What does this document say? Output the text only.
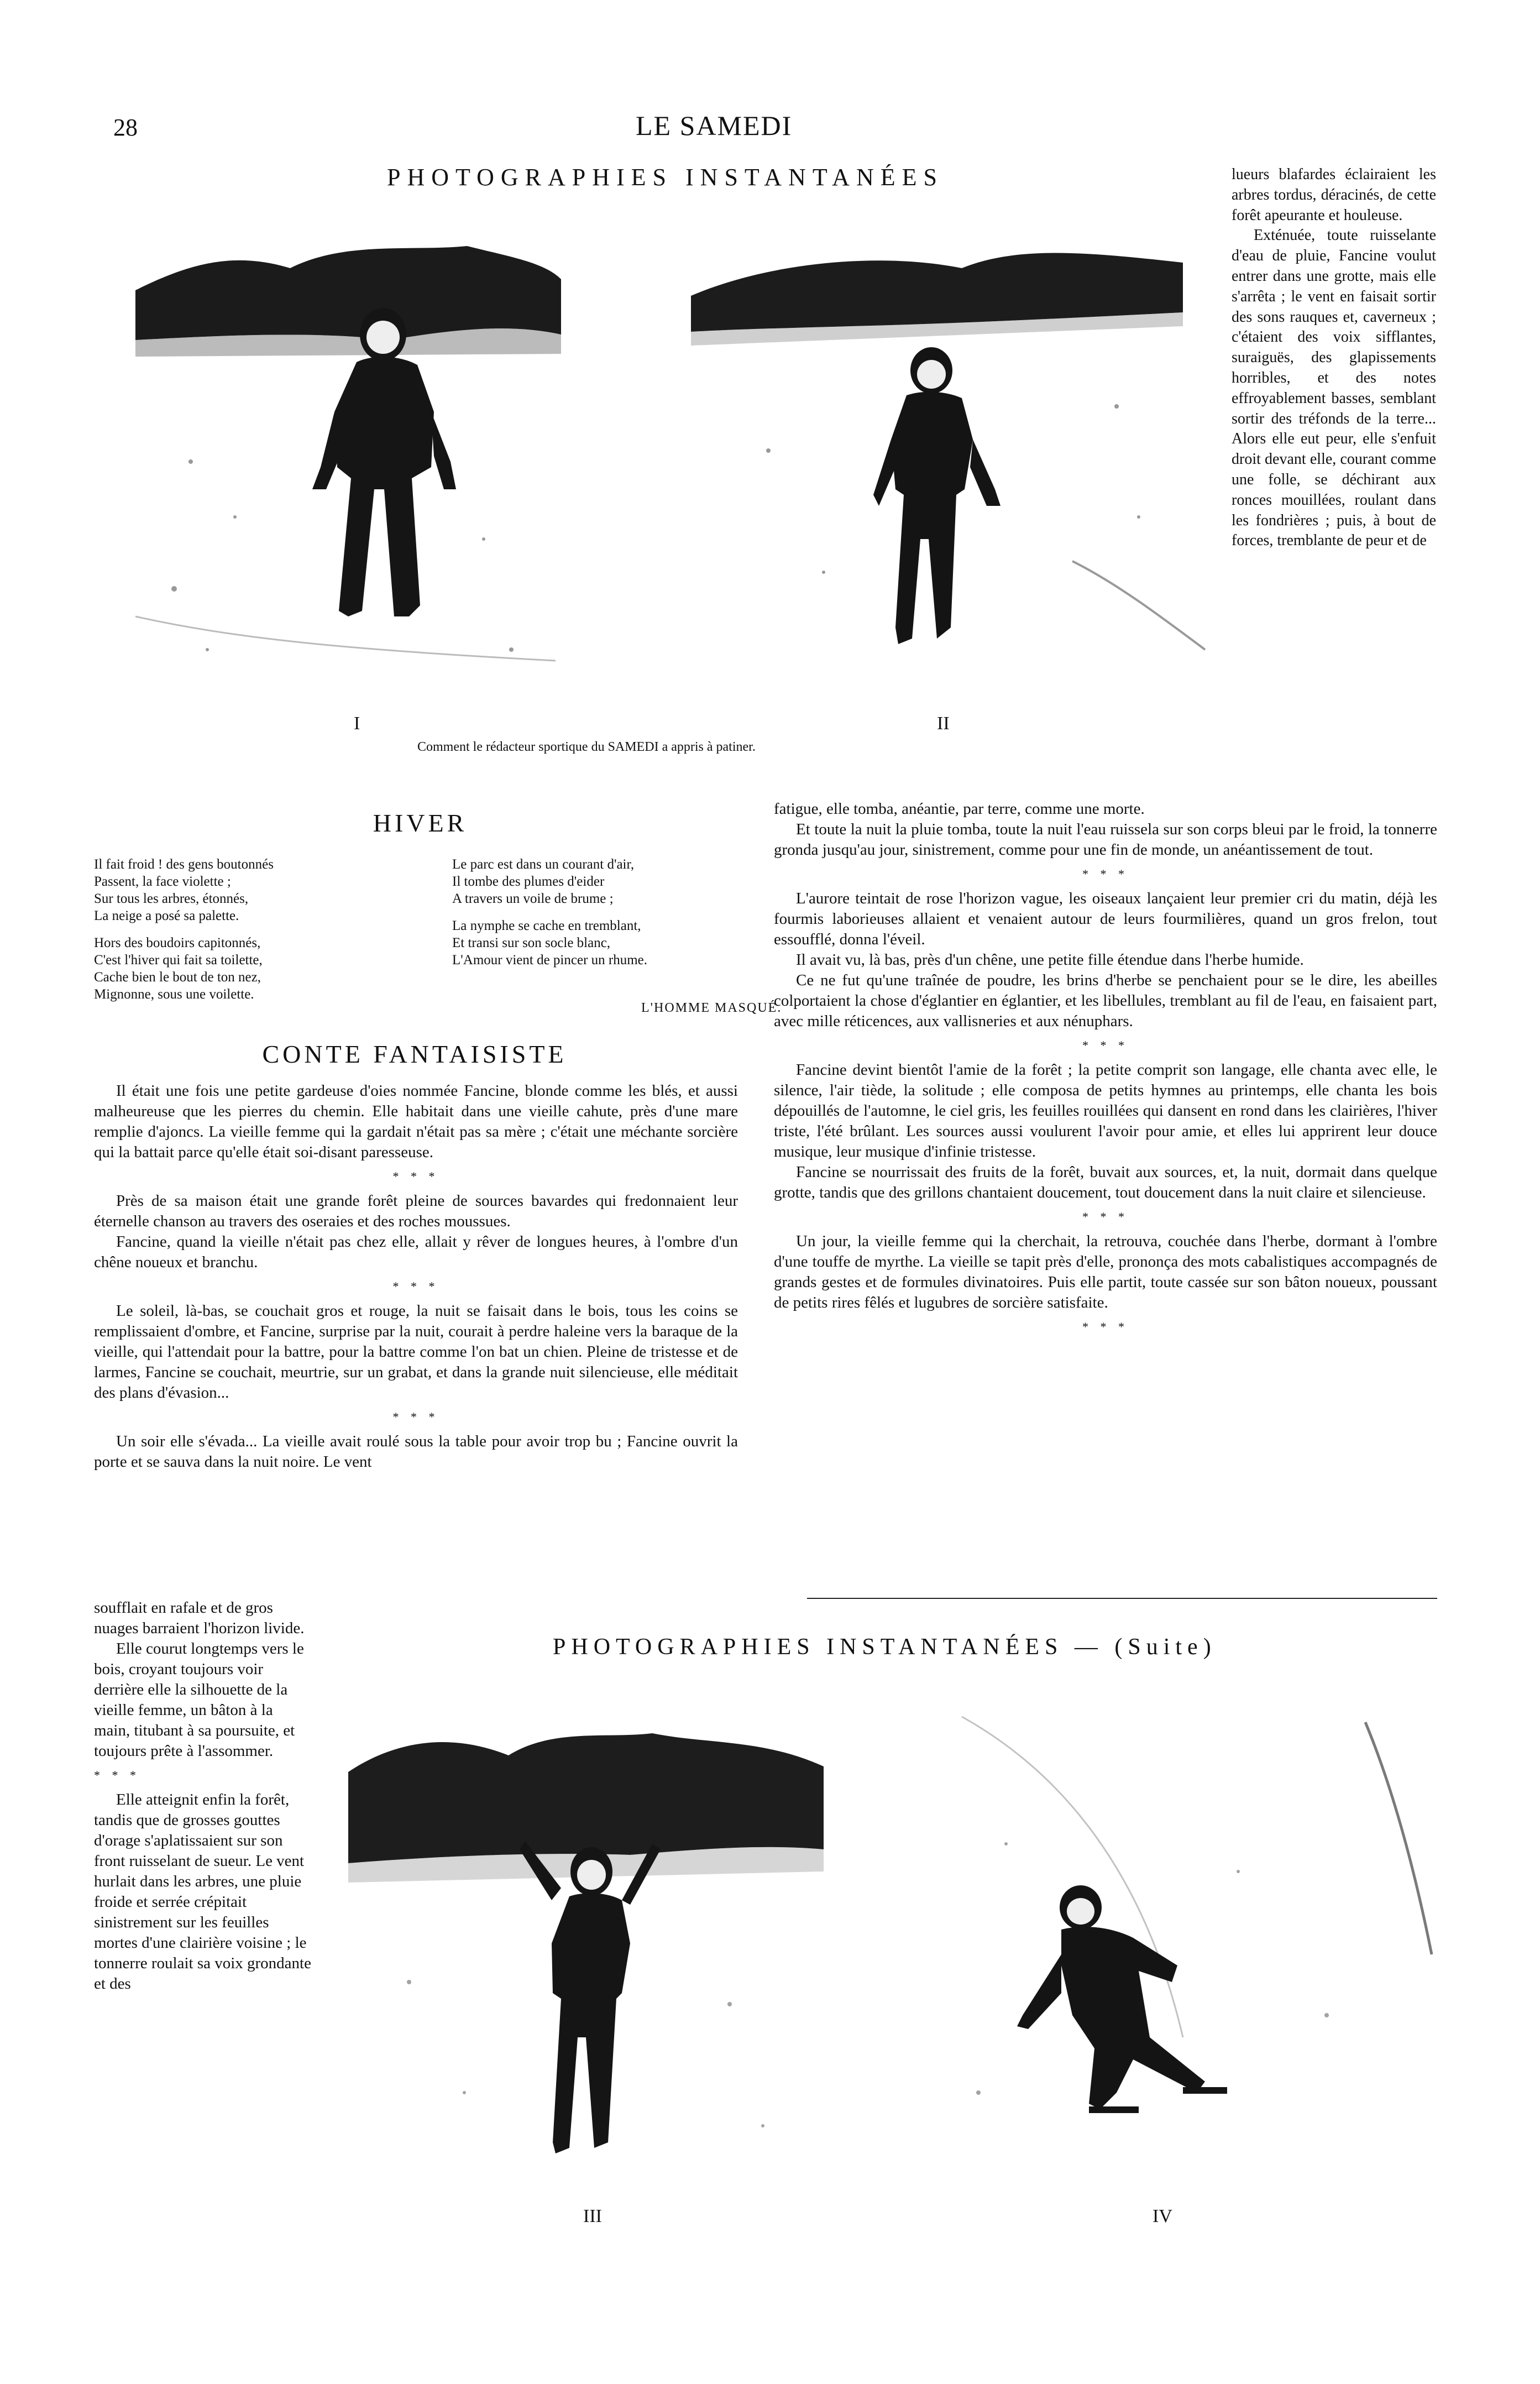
28	LE SAMEDI
PHOTOGRAPHIES INSTANTANÉES
I	II
Comment le rédacteur sportique du SAMEDI a appris à patiner.

lueurs blafardes éclairaient les arbres tordus, déracinés, de cette forêt apeurante et houleuse.

Exténuée, toute ruisselante d'eau de pluie, Fancine voulut entrer dans une grotte, mais elle s'arrêta ; le vent en faisait sortir des sons rauques et, caverneux ; c'étaient des voix sifflantes, suraiguës, des glapissements horribles, et des notes effroyablement basses, semblant sortir des tréfonds de la terre... Alors elle eut peur, elle s'enfuit droit devant elle, courant comme une folle, se déchirant aux ronces mouillées, roulant dans les fondrières ; puis, à bout de forces, tremblante de peur et de

HIVER

Il fait froid ! des gens boutonnés
Passent, la face violette ;
Sur tous les arbres, étonnés,
La neige a posé sa palette.

Hors des boudoirs capitonnés,
C'est l'hiver qui fait sa toilette,
Cache bien le bout de ton nez,
Mignonne, sous une voilette.

Le parc est dans un courant d'air,
Il tombe des plumes d'eider
A travers un voile de brume ;

La nymphe se cache en tremblant,
Et transi sur son socle blanc,
L'Amour vient de pincer un rhume.

L'HOMME MASQUÉ.
CONTE FANTAISISTE

Il était une fois une petite gardeuse d'oies nommée Fancine, blonde comme les blés, et aussi malheureuse que les pierres du chemin. Elle habitait dans une vieille cahute, près d'une mare remplie d'ajoncs. La vieille femme qui la gardait n'était pas sa mère ; c'était une méchante sorcière qui la battait parce qu'elle était soi-disant paresseuse.

* * *

Près de sa maison était une grande forêt pleine de sources bavardes qui fredonnaient leur éternelle chanson au travers des oseraies et des roches moussues.

Fancine, quand la vieille n'était pas chez elle, allait y rêver de longues heures, à l'ombre d'un chêne noueux et branchu.

* * *

Le soleil, là-bas, se couchait gros et rouge, la nuit se faisait dans le bois, tous les coins se remplissaient d'ombre, et Fancine, surprise par la nuit, courait à perdre haleine vers la baraque de la vieille, qui l'attendait pour la battre, pour la battre comme l'on bat un chien. Pleine de tristesse et de larmes, Fancine se couchait, meurtrie, sur un grabat, et dans la grande nuit silencieuse, elle méditait des plans d'évasion...

* * *

Un soir elle s'évada... La vieille avait roulé sous la table pour avoir trop bu ; Fancine ouvrit la porte et se sauva dans la nuit noire. Le vent

soufflait en rafale et de gros nuages barraient l'horizon livide.

Elle courut longtemps vers le bois, croyant toujours voir derrière elle la silhouette de la vieille femme, un bâton à la main, titubant à sa poursuite, et toujours prête à l'assommer.

* * *

Elle atteignit enfin la forêt, tandis que de grosses gouttes d'orage s'aplatissaient sur son front ruisselant de sueur. Le vent hurlait dans les arbres, une pluie froide et serrée crépitait sinistrement sur les feuilles mortes d'une clairière voisine ; le tonnerre roulait sa voix grondante et des

fatigue, elle tomba, anéantie, par terre, comme une morte.

Et toute la nuit la pluie tomba, toute la nuit l'eau ruissela sur son corps bleui par le froid, la tonnerre gronda jusqu'au jour, sinistrement, comme pour une fin de monde, un anéantissement de tout.

* * *

L'aurore teintait de rose l'horizon vague, les oiseaux lançaient leur premier cri du matin, déjà les fourmis laborieuses allaient et venaient autour de leurs fourmilières, quand un gros frelon, tout essoufflé, donna l'éveil.

Il avait vu, là bas, près d'un chêne, une petite fille étendue dans l'herbe humide.

Ce ne fut qu'une traînée de poudre, les brins d'herbe se penchaient pour se le dire, les abeilles colportaient la chose d'églantier en églantier, et les libellules, tremblant au fil de l'eau, en faisaient part, avec mille réticences, aux vallisneries et aux nénuphars.

* * *

Fancine devint bientôt l'amie de la forêt ; la petite comprit son langage, elle chanta avec elle, le silence, l'air tiède, la solitude ; elle composa de petits hymnes au printemps, elle chanta les bois dépouillés de l'automne, le ciel gris, les feuilles rouillées qui dansent en rond dans les clairières, l'hiver triste, l'été brûlant. Les sources aussi voulurent l'avoir pour amie, et elles lui apprirent leur douce musique, leur musique d'infinie tristesse.

Fancine se nourrissait des fruits de la forêt, buvait aux sources, et, la nuit, dormait dans quelque grotte, tandis que des grillons chantaient doucement, tout doucement dans la nuit claire et silencieuse.

* * *

Un jour, la vieille femme qui la cherchait, la retrouva, couchée dans l'herbe, dormant à l'ombre d'une touffe de myrthe. La vieille se tapit près d'elle, prononça des mots cabalistiques accompagnés de grands gestes et de formules divinatoires. Puis elle partit, toute cassée sur son bâton noueux, poussant de petits rires fêlés et lugubres de sorcière satisfaite.

* * *
PHOTOGRAPHIES INSTANTANÉES — (Suite)
III	IV
